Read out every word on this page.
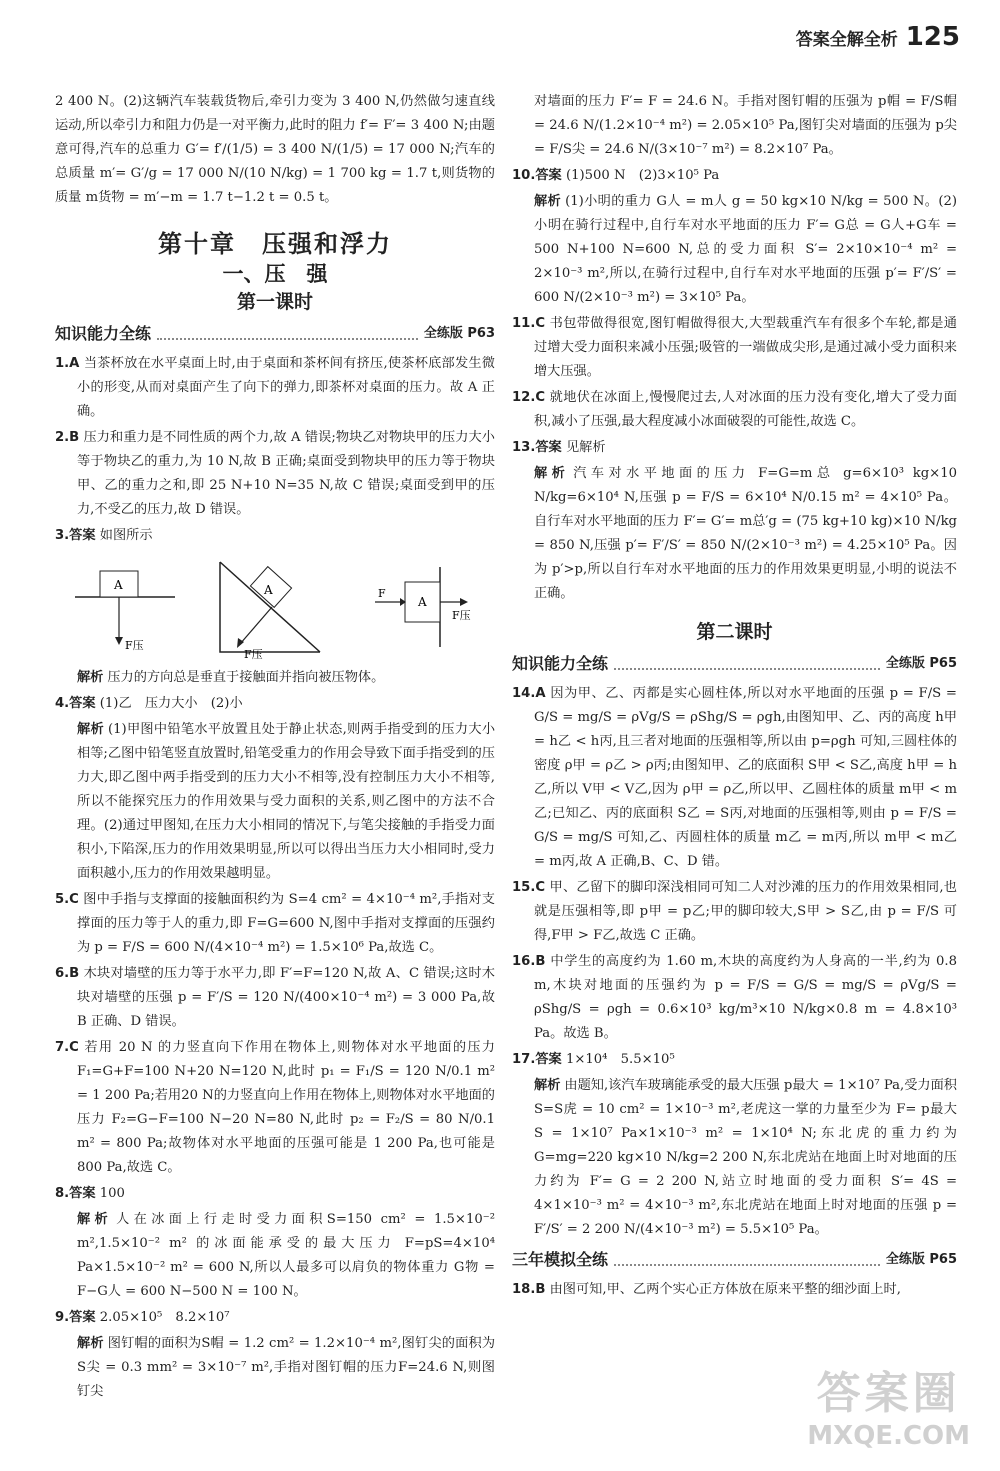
答案全解全析 125

2 400 N。(2)这辆汽车装载货物后,牵引力变为 3 400 N,仍然做匀速直线运动,所以牵引力和阻力仍是一对平衡力,此时的阻力 f′= F′= 3 400 N;由题意可得,汽车的总重力 G′= f′/(1/5) = 3 400 N/(1/5) = 17 000 N;汽车的总质量 m′= G′/g = 17 000 N/(10 N/kg) = 1 700 kg = 1.7 t,则货物的质量 m货物 = m′−m = 1.7 t−1.2 t = 0.5 t。

第十章　压强和浮力
一、压　强
第一课时
知识能力全练	全练版 P63

1.A 当茶杯放在水平桌面上时,由于桌面和茶杯间有挤压,使茶杯底部发生微小的形变,从而对桌面产生了向下的弹力,即茶杯对桌面的压力。故 A 正确。

2.B 压力和重力是不同性质的两个力,故 A 错误;物块乙对物块甲的压力大小等于物块乙的重力,为 10 N,故 B 正确;桌面受到物块甲的压力等于物块甲、乙的重力之和,即 25 N+10 N=35 N,故 C 错误;桌面受到甲的压力,不受乙的压力,故 D 错误。

3.答案 如图所示

A
F压
A
F压
A
F
F压

解析 压力的方向总是垂直于接触面并指向被压物体。

4.答案 (1)乙　压力大小　(2)小

解析 (1)甲图中铅笔水平放置且处于静止状态,则两手指受到的压力大小相等;乙图中铅笔竖直放置时,铅笔受重力的作用会导致下面手指受到的压力大,即乙图中两手指受到的压力大小不相等,没有控制压力大小不相等,所以不能探究压力的作用效果与受力面积的关系,则乙图中的方法不合理。(2)通过甲图知,在压力大小相同的情况下,与笔尖接触的手指受力面积小,下陷深,压力的作用效果明显,所以可以得出当压力大小相同时,受力面积越小,压力的作用效果越明显。

5.C 图中手指与支撑面的接触面积约为 S=4 cm² = 4×10⁻⁴ m²,手指对支撑面的压力等于人的重力,即 F=G=600 N,图中手指对支撑面的压强约为 p = F/S = 600 N/(4×10⁻⁴ m²) = 1.5×10⁶ Pa,故选 C。

6.B 木块对墙壁的压力等于水平力,即 F′=F=120 N,故 A、C 错误;这时木块对墙壁的压强 p = F′/S = 120 N/(400×10⁻⁴ m²) = 3 000 Pa,故 B 正确、D 错误。

7.C 若用 20 N 的力竖直向下作用在物体上,则物体对水平地面的压力 F₁=G+F=100 N+20 N=120 N,此时 p₁ = F₁/S = 120 N/0.1 m² = 1 200 Pa;若用20 N的力竖直向上作用在物体上,则物体对水平地面的压力 F₂=G−F=100 N−20 N=80 N,此时 p₂ = F₂/S = 80 N/0.1 m² = 800 Pa;故物体对水平地面的压强可能是 1 200 Pa,也可能是 800 Pa,故选 C。

8.答案 100

解析 人在冰面上行走时受力面积S=150 cm² = 1.5×10⁻² m²,1.5×10⁻² m² 的冰面能承受的最大压力 F=pS=4×10⁴ Pa×1.5×10⁻² m² = 600 N,所以人最多可以肩负的物体重力 G物 = F−G人 = 600 N−500 N = 100 N。

9.答案 2.05×10⁵　8.2×10⁷

解析 图钉帽的面积为S帽 = 1.2 cm² = 1.2×10⁻⁴ m²,图钉尖的面积为 S尖 = 0.3 mm² = 3×10⁻⁷ m²,手指对图钉帽的压力F=24.6 N,则图钉尖

对墙面的压力 F′= F = 24.6 N。手指对图钉帽的压强为 p帽 = F/S帽 = 24.6 N/(1.2×10⁻⁴ m²) = 2.05×10⁵ Pa,图钉尖对墙面的压强为 p尖 = F/S尖 = 24.6 N/(3×10⁻⁷ m²) = 8.2×10⁷ Pa。

10.答案 (1)500 N　(2)3×10⁵ Pa

解析 (1)小明的重力 G人 = m人 g = 50 kg×10 N/kg = 500 N。(2)小明在骑行过程中,自行车对水平地面的压力 F′= G总 = G人+G车 = 500 N+100 N=600 N,总的受力面积 S′= 2×10×10⁻⁴ m² = 2×10⁻³ m²,所以,在骑行过程中,自行车对水平地面的压强 p′= F′/S′ = 600 N/(2×10⁻³ m²) = 3×10⁵ Pa。

11.C 书包带做得很宽,图钉帽做得很大,大型载重汽车有很多个车轮,都是通过增大受力面积来减小压强;吸管的一端做成尖形,是通过减小受力面积来增大压强。

12.C 就地伏在冰面上,慢慢爬过去,人对冰面的压力没有变化,增大了受力面积,减小了压强,最大程度减小冰面破裂的可能性,故选 C。

13.答案 见解析

解析 汽车对水平地面的压力 F=G=m总 g=6×10³ kg×10 N/kg=6×10⁴ N,压强 p = F/S = 6×10⁴ N/0.15 m² = 4×10⁵ Pa。自行车对水平地面的压力 F′= G′= m总′g = (75 kg+10 kg)×10 N/kg = 850 N,压强 p′= F′/S′ = 850 N/(2×10⁻³ m²) = 4.25×10⁵ Pa。因为 p′>p,所以自行车对水平地面的压力的作用效果更明显,小明的说法不正确。

第二课时
知识能力全练	全练版 P65

14.A 因为甲、乙、丙都是实心圆柱体,所以对水平地面的压强 p = F/S = G/S = mg/S = ρVg/S = ρShg/S = ρgh,由图知甲、乙、丙的高度 h甲 = h乙 < h丙,且三者对地面的压强相等,所以由 p=ρgh 可知,三圆柱体的密度 ρ甲 = ρ乙 > ρ丙;由图知甲、乙的底面积 S甲 < S乙,高度 h甲 = h乙,所以 V甲 < V乙,因为 ρ甲 = ρ乙,所以甲、乙圆柱体的质量 m甲 < m乙;已知乙、丙的底面积 S乙 = S丙,对地面的压强相等,则由 p = F/S = G/S = mg/S 可知,乙、丙圆柱体的质量 m乙 = m丙,所以 m甲 < m乙 = m丙,故 A 正确,B、C、D 错。

15.C 甲、乙留下的脚印深浅相同可知二人对沙滩的压力的作用效果相同,也就是压强相等,即 p甲 = p乙;甲的脚印较大,S甲 > S乙,由 p = F/S 可得,F甲 > F乙,故选 C 正确。

16.B 中学生的高度约为 1.60 m,木块的高度约为人身高的一半,约为 0.8 m,木块对地面的压强约为 p = F/S = G/S = mg/S = ρVg/S = ρShg/S = ρgh = 0.6×10³ kg/m³×10 N/kg×0.8 m = 4.8×10³ Pa。故选 B。

17.答案 1×10⁴　5.5×10⁵

解析 由题知,该汽车玻璃能承受的最大压强 p最大 = 1×10⁷ Pa,受力面积 S=S虎 = 10 cm² = 1×10⁻³ m²,老虎这一掌的力量至少为 F= p最大 S = 1×10⁷ Pa×1×10⁻³ m² = 1×10⁴ N;东北虎的重力约为 G=mg=220 kg×10 N/kg=2 200 N,东北虎站在地面上时对地面的压力约为 F′= G = 2 200 N,站立时地面的受力面积 S′= 4S = 4×1×10⁻³ m² = 4×10⁻³ m²,东北虎站在地面上时对地面的压强 p = F′/S′ = 2 200 N/(4×10⁻³ m²) = 5.5×10⁵ Pa。

三年模拟全练	全练版 P65

18.B 由图可知,甲、乙两个实心正方体放在原来平整的细沙面上时,

答案圈
MXQE.COM
